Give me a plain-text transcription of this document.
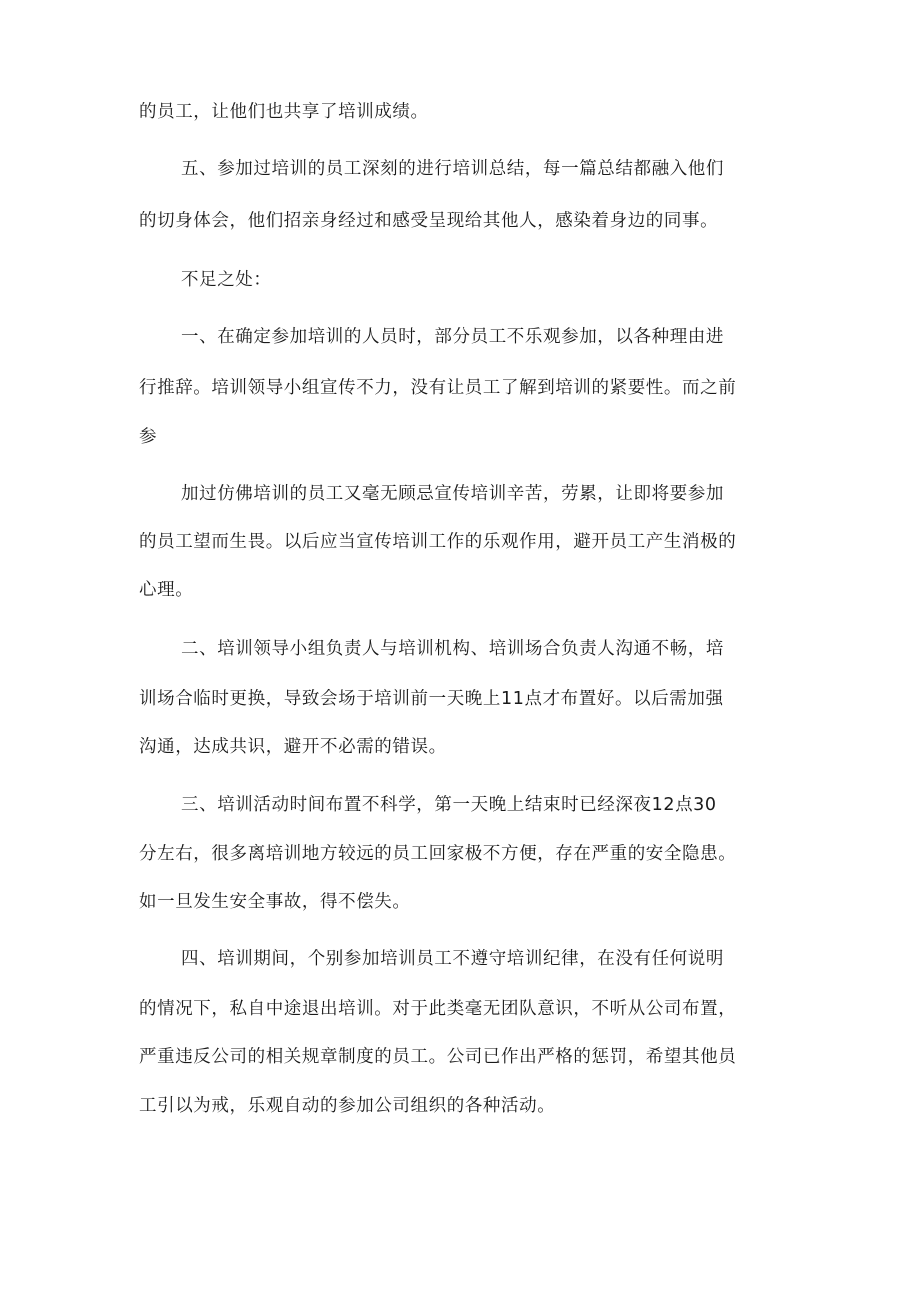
的员工，让他们也共享了培训成绩。
五、参加过培训的员工深刻的进行培训总结，每一篇总结都融入他们
的切身体会，他们招亲身经过和感受呈现给其他人，感染着身边的同事。
不足之处：
一、在确定参加培训的人员时，部分员工不乐观参加，以各种理由进
行推辞。培训领导小组宣传不力，没有让员工了解到培训的紧要性。而之前
参
加过仿佛培训的员工又毫无顾忌宣传培训辛苦，劳累，让即将要参加
的员工望而生畏。以后应当宣传培训工作的乐观作用，避开员工产生消极的
心理。
二、培训领导小组负责人与培训机构、培训场合负责人沟通不畅，培
训场合临时更换，导致会场于培训前一天晚上11点才布置好。以后需加强
沟通，达成共识，避开不必需的错误。
三、培训活动时间布置不科学，第一天晚上结束时已经深夜12点30
分左右，很多离培训地方较远的员工回家极不方便，存在严重的安全隐患。
如一旦发生安全事故，得不偿失。
四、培训期间，个别参加培训员工不遵守培训纪律，在没有任何说明
的情况下，私自中途退出培训。对于此类毫无团队意识，不听从公司布置，
严重违反公司的相关规章制度的员工。公司已作出严格的惩罚，希望其他员
工引以为戒，乐观自动的参加公司组织的各种活动。
